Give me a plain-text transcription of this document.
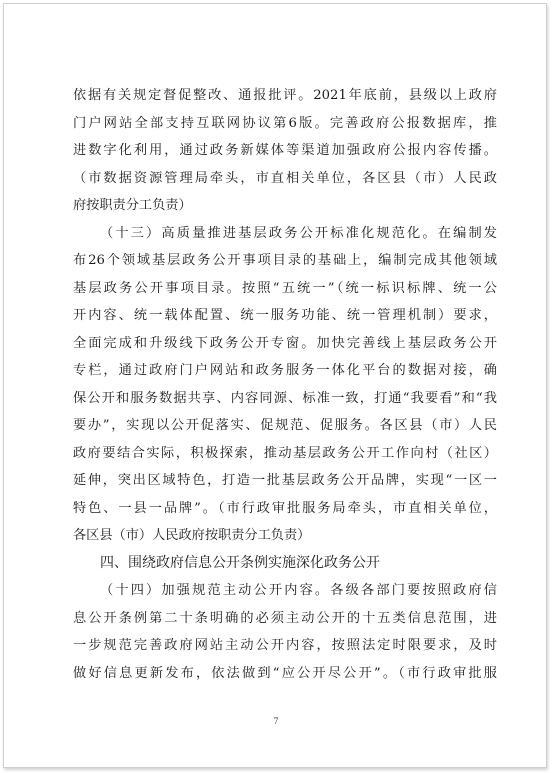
依据有关规定督促整改、通报批评。2021年底前，县级以上政府
门户网站全部支持互联网协议第6版。完善政府公报数据库，推
进数字化利用，通过政务新媒体等渠道加强政府公报内容传播。
（市数据资源管理局牵头，市直相关单位，各区县（市）人民政
府按职责分工负责）
（十三）高质量推进基层政务公开标准化规范化。在编制发
布26个领域基层政务公开事项目录的基础上，编制完成其他领域
基层政务公开事项目录。按照“五统一”（统一标识标牌、统一公
开内容、统一载体配置、统一服务功能、统一管理机制）要求，
全面完成和升级线下政务公开专窗。加快完善线上基层政务公开
专栏，通过政府门户网站和政务服务一体化平台的数据对接，确
保公开和服务数据共享、内容同源、标准一致，打通“我要看”和“我
要办”，实现以公开促落实、促规范、促服务。各区县（市）人民
政府要结合实际，积极探索，推动基层政务公开工作向村（社区）
延伸，突出区域特色，打造一批基层政务公开品牌，实现“一区一
特色、一县一品牌”。（市行政审批服务局牵头，市直相关单位，
各区县（市）人民政府按职责分工负责）
四、围绕政府信息公开条例实施深化政务公开
（十四）加强规范主动公开内容。各级各部门要按照政府信
息公开条例第二十条明确的必须主动公开的十五类信息范围，进
一步规范完善政府网站主动公开内容，按照法定时限要求，及时
做好信息更新发布，依法做到“应公开尽公开”。（市行政审批服
7
